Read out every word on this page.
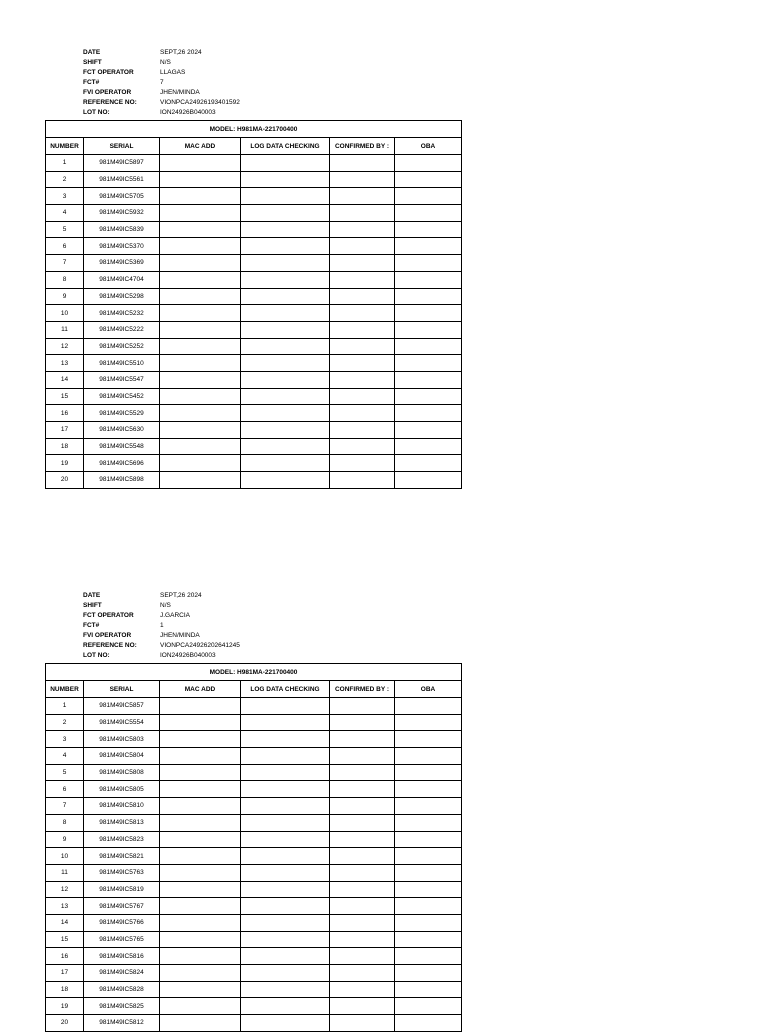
DATE	SEPT,26 2024
SHIFT	N/S
FCT OPERATOR	LLAGAS
FCT#	7
FVI OPERATOR	JHEN/MINDA
REFERENCE NO:	VIONPCA24926193401592
LOT NO:	ION24926B040003
MODEL: H981MA-221700400					
NUMBER	SERIAL	MAC ADD	LOG DATA CHECKING	CONFIRMED BY :	OBA
1	981M49IC5897				
2	981M49IC5561				
3	981M49IC5705				
4	981M49IC5932				
5	981M49IC5839				
6	981M49IC5370				
7	981M49IC5369				
8	981M49IC4704				
9	981M49IC5298				
10	981M49IC5232				
11	981M49IC5222				
12	981M49IC5252				
13	981M49IC5510				
14	981M49IC5547				
15	981M49IC5452				
16	981M49IC5529				
17	981M49IC5630				
18	981M49IC5548				
19	981M49IC5696				
20	981M49IC5898				
DATE	SEPT,26 2024
SHIFT	N/S
FCT OPERATOR	J.GARCIA
FCT#	1
FVI OPERATOR	JHEN/MINDA
REFERENCE NO:	VIONPCA24926202641245
LOT NO:	ION24926B040003
MODEL: H981MA-221700400					
NUMBER	SERIAL	MAC ADD	LOG DATA CHECKING	CONFIRMED BY :	OBA
1	981M49IC5857				
2	981M49IC5554				
3	981M49IC5803				
4	981M49IC5804				
5	981M49IC5808				
6	981M49IC5805				
7	981M49IC5810				
8	981M49IC5813				
9	981M49IC5823				
10	981M49IC5821				
11	981M49IC5763				
12	981M49IC5819				
13	981M49IC5767				
14	981M49IC5766				
15	981M49IC5765				
16	981M49IC5816				
17	981M49IC5824				
18	981M49IC5828				
19	981M49IC5825				
20	981M49IC5812				
